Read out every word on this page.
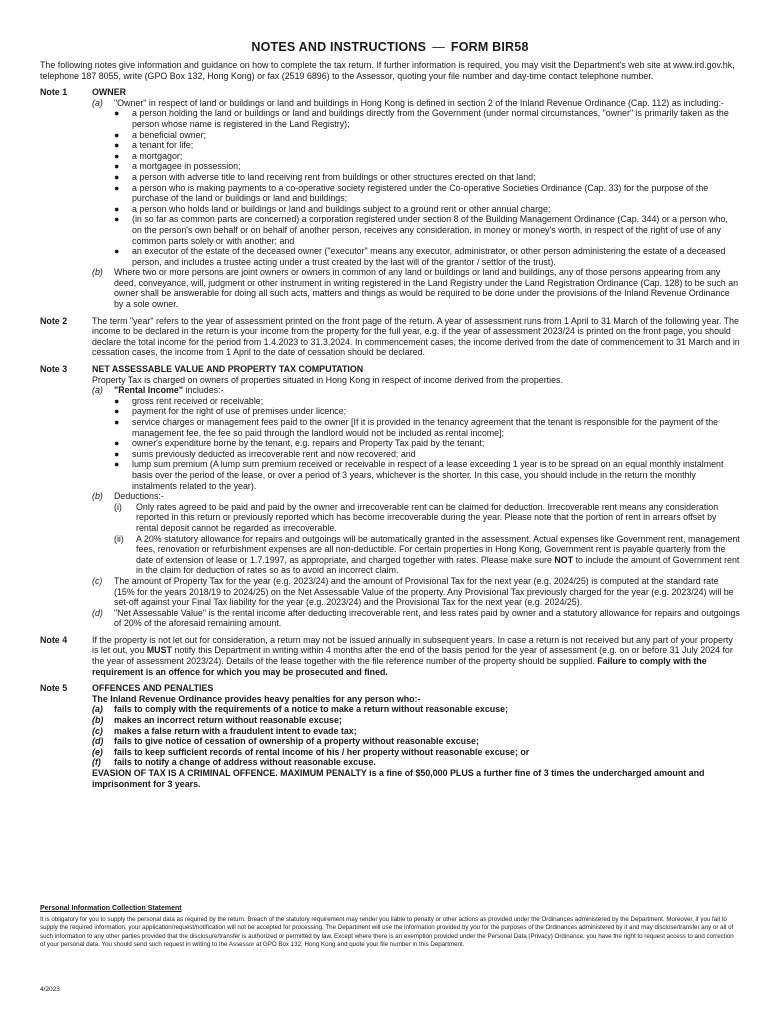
NOTES AND INSTRUCTIONS — FORM BIR58
The following notes give information and guidance on how to complete the tax return. If further information is required, you may visit the Department's web site at www.ird.gov.hk, telephone 187 8055, write (GPO Box 132, Hong Kong) or fax (2519 6896) to the Assessor, quoting your file number and day-time contact telephone number.
Note 1	OWNER
(a)	"Owner" in respect of land or buildings or land and buildings in Hong Kong is defined in section 2 of the Inland Revenue Ordinance (Cap. 112) as including:-
●	a person holding the land or buildings or land and buildings directly from the Government (under normal circumstances, "owner" is primarily taken as the person whose name is registered in the Land Registry);
●	a beneficial owner;
●	a tenant for life;
●	a mortgagor;
●	a mortgagee in possession;
●	a person with adverse title to land receiving rent from buildings or other structures erected on that land;
●	a person who is making payments to a co-operative society registered under the Co-operative Societies Ordinance (Cap. 33) for the purpose of the purchase of the land or buildings or land and buildings;
●	a person who holds land or buildings or land and buildings subject to a ground rent or other annual charge;
●	(in so far as common parts are concerned) a corporation registered under section 8 of the Building Management Ordinance (Cap. 344) or a person who, on the person's own behalf or on behalf of another person, receives any consideration, in money or money's worth, in respect of the right of use of any common parts solely or with another; and
●	an executor of the estate of the deceased owner ("executor" means any executor, administrator, or other person administering the estate of a deceased person, and includes a trustee acting under a trust created by the last will of the grantor / settlor of the trust).
(b)	Where two or more persons are joint owners or owners in common of any land or buildings or land and buildings, any of those persons appearing from any deed, conveyance, will, judgment or other instrument in writing registered in the Land Registry under the Land Registration Ordinance (Cap. 128) to be such an owner shall be answerable for doing all such acts, matters and things as would be required to be done under the provisions of the Inland Revenue Ordinance by a sole owner.
Note 2	The term "year" refers to the year of assessment printed on the front page of the return. A year of assessment runs from 1 April to 31 March of the following year. The income to be declared in the return is your income from the property for the full year, e.g. if the year of assessment 2023/24 is printed on the front page, you should declare the total income for the period from 1.4.2023 to 31.3.2024. In commencement cases, the income derived from the date of commencement to 31 March and in cessation cases, the income from 1 April to the date of cessation should be declared.
Note 3	NET ASSESSABLE VALUE AND PROPERTY TAX COMPUTATION
Property Tax is charged on owners of properties situated in Hong Kong in respect of income derived from the properties.
(a)	"Rental Income" includes:-
●	gross rent received or receivable;
●	payment for the right of use of premises under licence;
●	service charges or management fees paid to the owner [If it is provided in the tenancy agreement that the tenant is responsible for the payment of the management fee, the fee so paid through the landlord would not be included as rental income];
●	owner's expenditure borne by the tenant, e.g. repairs and Property Tax paid by the tenant;
●	sums previously deducted as irrecoverable rent and now recovered; and
●	lump sum premium (A lump sum premium received or receivable in respect of a lease exceeding 1 year is to be spread on an equal monthly instalment basis over the period of the lease, or over a period of 3 years, whichever is the shorter. In this case, you should include in the return the monthly instalments related to the year).
(b)	Deductions:-
(i)	Only rates agreed to be paid and paid by the owner and irrecoverable rent can be claimed for deduction. Irrecoverable rent means any consideration reported in this return or previously reported which has become irrecoverable during the year. Please note that the portion of rent in arrears offset by rental deposit cannot be regarded as irrecoverable.
(ii)	A 20% statutory allowance for repairs and outgoings will be automatically granted in the assessment. Actual expenses like Government rent, management fees, renovation or refurbishment expenses are all non-deductible. For certain properties in Hong Kong, Government rent is payable quarterly from the date of extension of lease or 1.7.1997, as appropriate, and charged together with rates. Please make sure NOT to include the amount of Government rent in the claim for deduction of rates so as to avoid an incorrect claim.
(c)	The amount of Property Tax for the year (e.g. 2023/24) and the amount of Provisional Tax for the next year (e.g. 2024/25) is computed at the standard rate (15% for the years 2018/19 to 2024/25) on the Net Assessable Value of the property. Any Provisional Tax previously charged for the year (e.g. 2023/24) will be set-off against your Final Tax liability for the year (e.g. 2023/24) and the Provisional Tax for the next year (e.g. 2024/25).
(d)	"Net Assessable Value" is the rental income after deducting irrecoverable rent, and less rates paid by owner and a statutory allowance for repairs and outgoings of 20% of the aforesaid remaining amount.
Note 4	If the property is not let out for consideration, a return may not be issued annually in subsequent years. In case a return is not received but any part of your property is let out, you MUST notify this Department in writing within 4 months after the end of the basis period for the year of assessment (e.g. on or before 31 July 2024 for the year of assessment 2023/24). Details of the lease together with the file reference number of the property should be supplied. Failure to comply with the requirement is an offence for which you may be prosecuted and fined.
Note 5	OFFENCES AND PENALTIES
The Inland Revenue Ordinance provides heavy penalties for any person who:-
(a)	fails to comply with the requirements of a notice to make a return without reasonable excuse;
(b)	makes an incorrect return without reasonable excuse;
(c)	makes a false return with a fraudulent intent to evade tax;
(d)	fails to give notice of cessation of ownership of a property without reasonable excuse;
(e)	fails to keep sufficient records of rental income of his / her property without reasonable excuse; or
(f)	fails to notify a change of address without reasonable excuse.
EVASION OF TAX IS A CRIMINAL OFFENCE. MAXIMUM PENALTY is a fine of $50,000 PLUS a further fine of 3 times the undercharged amount and imprisonment for 3 years.
Personal Information Collection Statement
It is obligatory for you to supply the personal data as required by the return. Breach of the statutory requirement may render you liable to penalty or other actions as provided under the Ordinances administered by the Department. Moreover, if you fail to supply the required information, your application/request/notification will not be accepted for processing. The Department will use the information provided by you for the purposes of the Ordinances administered by it and may disclose/transfer any or all of such information to any other parties provided that the disclosure/transfer is authorized or permitted by law. Except where there is an exemption provided under the Personal Data (Privacy) Ordinance, you have the right to request access to and correction of your personal data. You should send such request in writing to the Assessor at GPO Box 132, Hong Kong and quote your file number in this Department.
4/2023
